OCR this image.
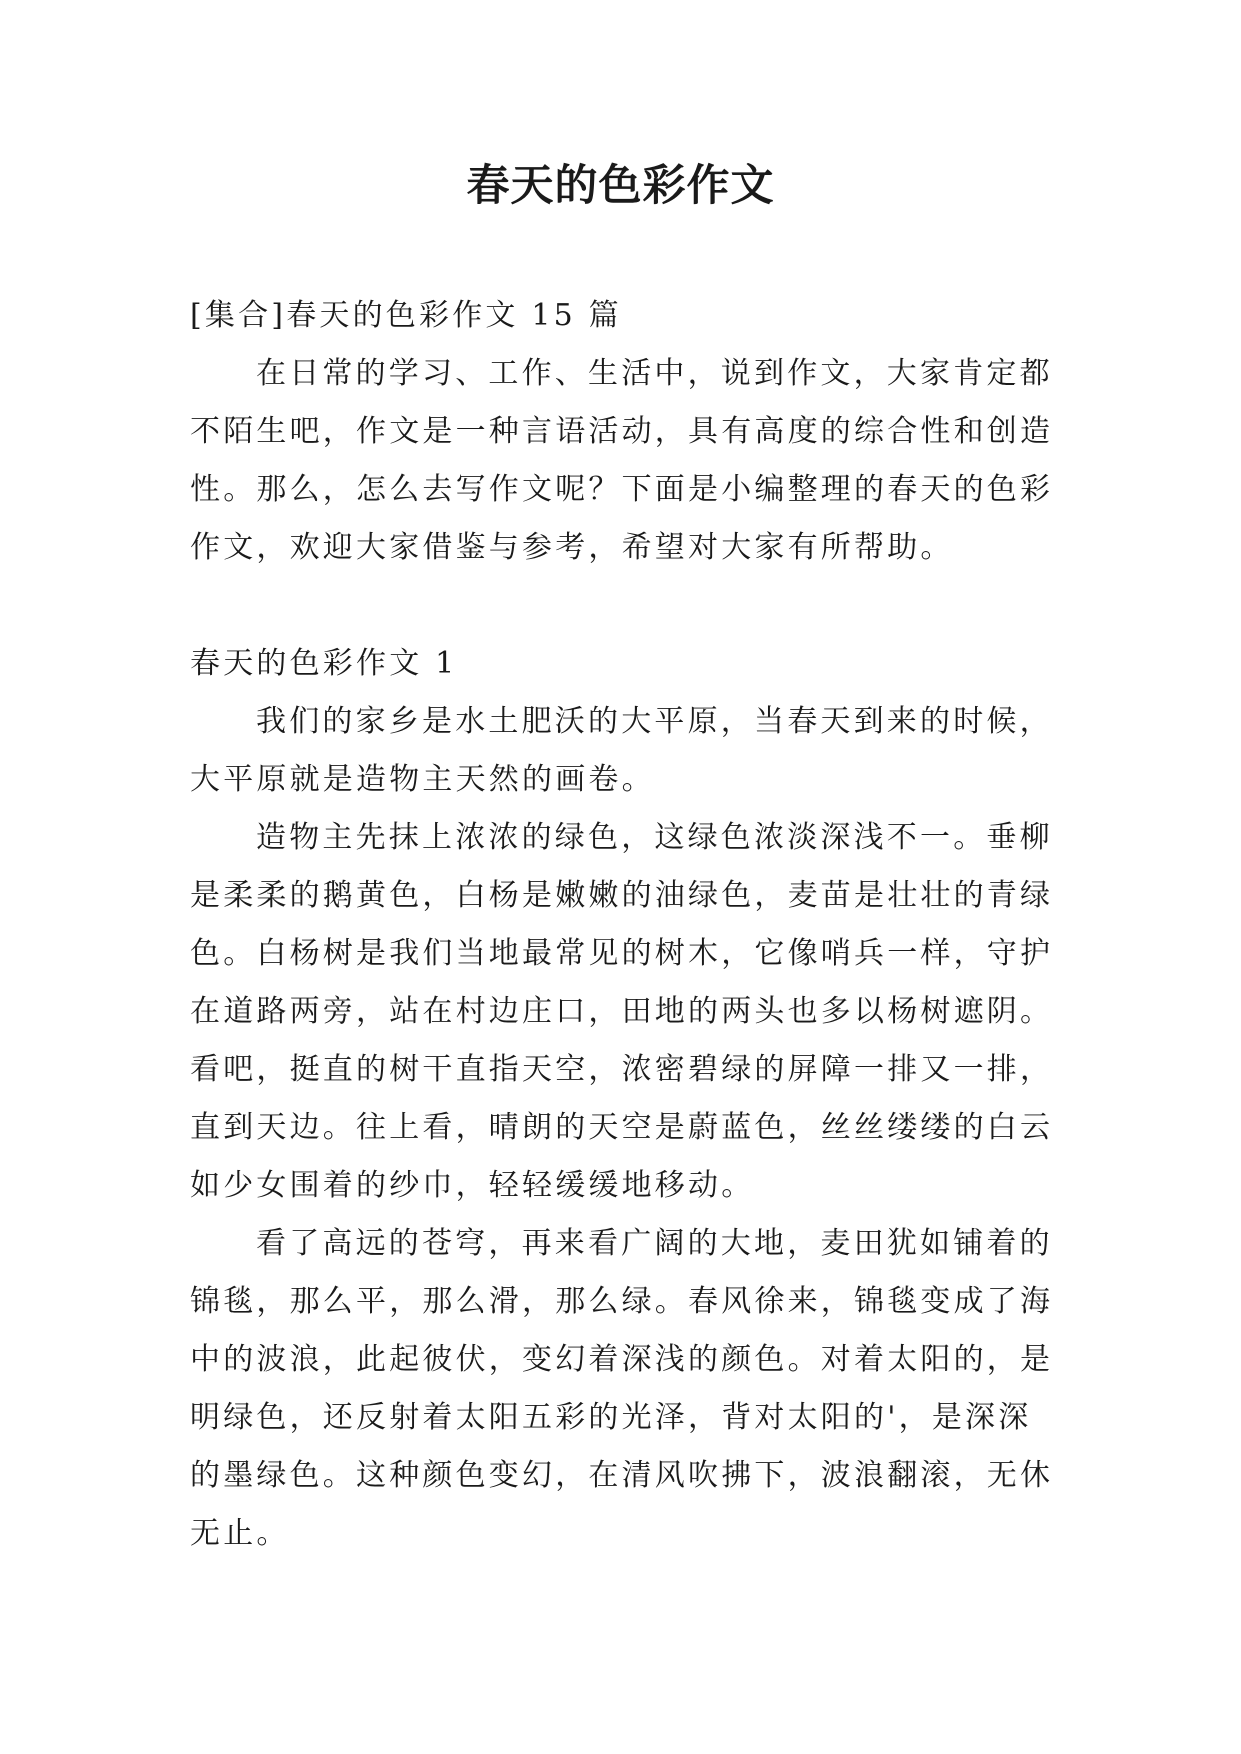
春天的色彩作文

[集合]春天的色彩作文 15 篇

在日常的学习、工作、生活中，说到作文，大家肯定都不陌生吧，作文是一种言语活动，具有高度的综合性和创造性。那么，怎么去写作文呢？下面是小编整理的春天的色彩作文，欢迎大家借鉴与参考，希望对大家有所帮助。

春天的色彩作文 1

我们的家乡是水土肥沃的大平原，当春天到来的时候，大平原就是造物主天然的画卷。

造物主先抹上浓浓的绿色，这绿色浓淡深浅不一。垂柳是柔柔的鹅黄色，白杨是嫩嫩的油绿色，麦苗是壮壮的青绿色。白杨树是我们当地最常见的树木，它像哨兵一样，守护在道路两旁，站在村边庄口，田地的两头也多以杨树遮阴。看吧，挺直的树干直指天空，浓密碧绿的屏障一排又一排，直到天边。往上看，晴朗的天空是蔚蓝色，丝丝缕缕的白云如少女围着的纱巾，轻轻缓缓地移动。

看了高远的苍穹，再来看广阔的大地，麦田犹如铺着的锦毯，那么平，那么滑，那么绿。春风徐来，锦毯变成了海中的波浪，此起彼伏，变幻着深浅的颜色。对着太阳的，是明绿色，还反射着太阳五彩的光泽，背对太阳的'，是深深的墨绿色。这种颜色变幻，在清风吹拂下，波浪翻滚，无休无止。
